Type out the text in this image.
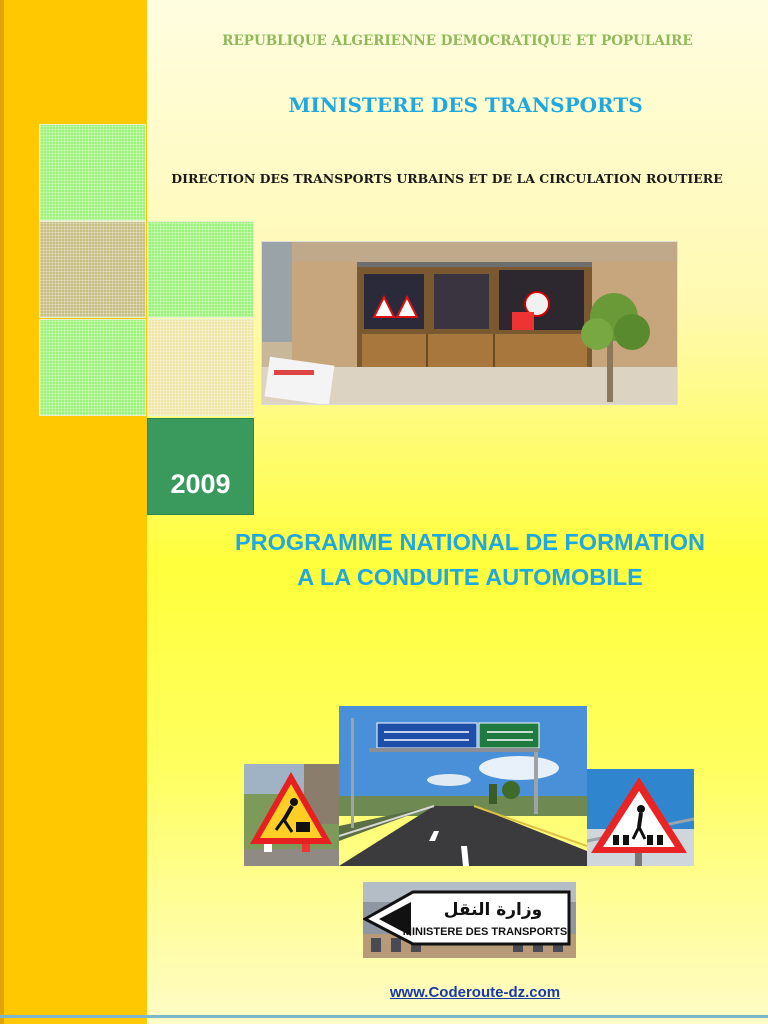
2009
REPUBLIQUE ALGERIENNE DEMOCRATIQUE ET POPULAIRE
MINISTERE DES TRANSPORTS
DIRECTION DES TRANSPORTS URBAINS ET DE LA CIRCULATION ROUTIERE
PROGRAMME NATIONAL DE FORMATION
A LA CONDUITE AUTOMOBILE
وزارة النقل
MINISTERE DES TRANSPORTS
www.Coderoute-dz.com
